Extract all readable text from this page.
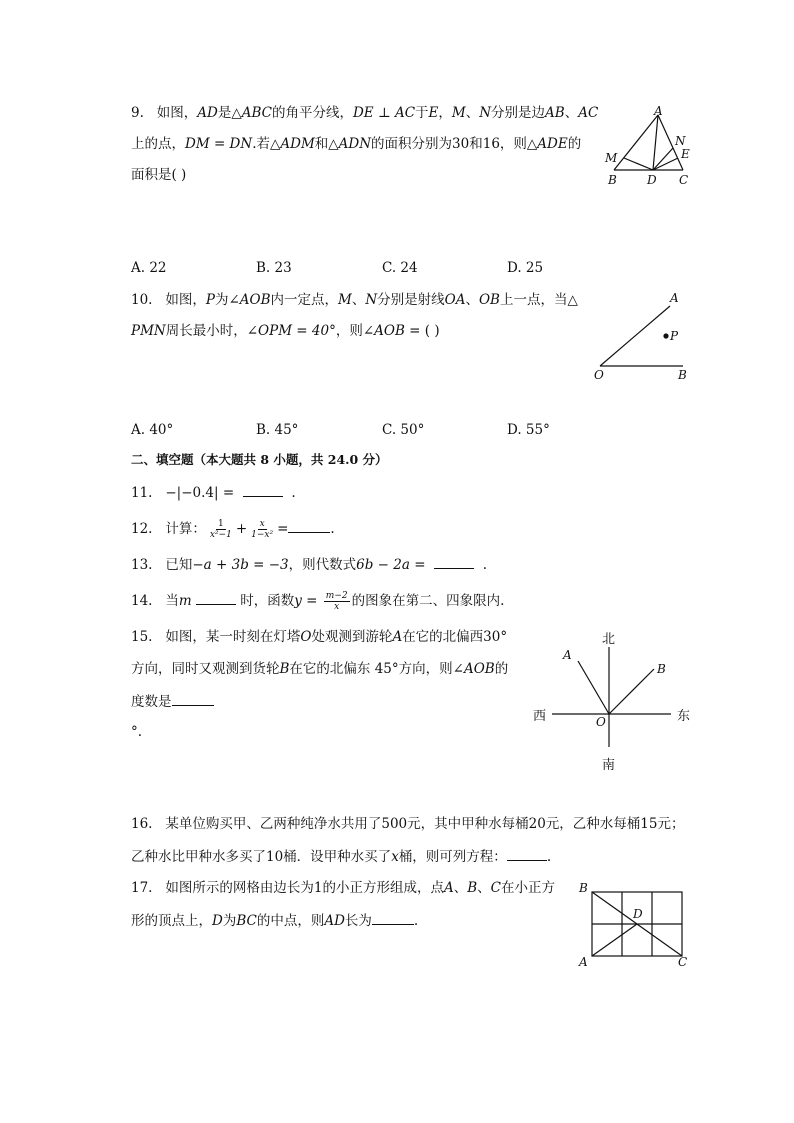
9. 如图，AD是△ABC的角平分线，DE ⊥ AC于E，M、N分别是边AB、AC
上的点，DM = DN.若△ADM和△ADN的面积分别为30和16，则△ADE的
面积是( )
A
M
N
E
B	D C
A. 22	B. 23	C. 24	D. 25
10. 如图，P为∠AOB内一定点，M、N分别是射线OA、OB上一点，当△
PMN周长最小时，∠OPM = 40°，则∠AOB = ( )
A
P
O	B
A. 40°	B. 45°	C. 50°	D. 55°
二、填空题（本大题共 8 小题，共 24.0 分）
11. −|−0.4| =	.
12. 计算： $\frac{1}{\text{x²−1}} + \frac{x}{\text{1−x²}}$ =	.
13. 已知−a + 3b = −3，则代数式6b − 2a =	.
14. 当m	时，函数$y = \frac{m-2}{x}$ 的图象在第二、四象限内.
15. 如图，某一时刻在灯塔O处观测到游轮A在它的北偏西30°
方向，同时又观测到货轮B在它的北偏东 45°方向，则∠AOB的
度数是
°.
北
南
西	东
A
B
O
16. 某单位购买甲、乙两种纯净水共用了500元，其中甲种水每桶20元，乙种水每桶15元；
乙种水比甲种水多买了10桶．设甲种水买了x桶，则可列方程：	.
17. 如图所示的网格由边长为1的小正方形组成，点A、B、C在小正方
形的顶点上，D为BC的中点，则AD长为	.
B
D
A	C
